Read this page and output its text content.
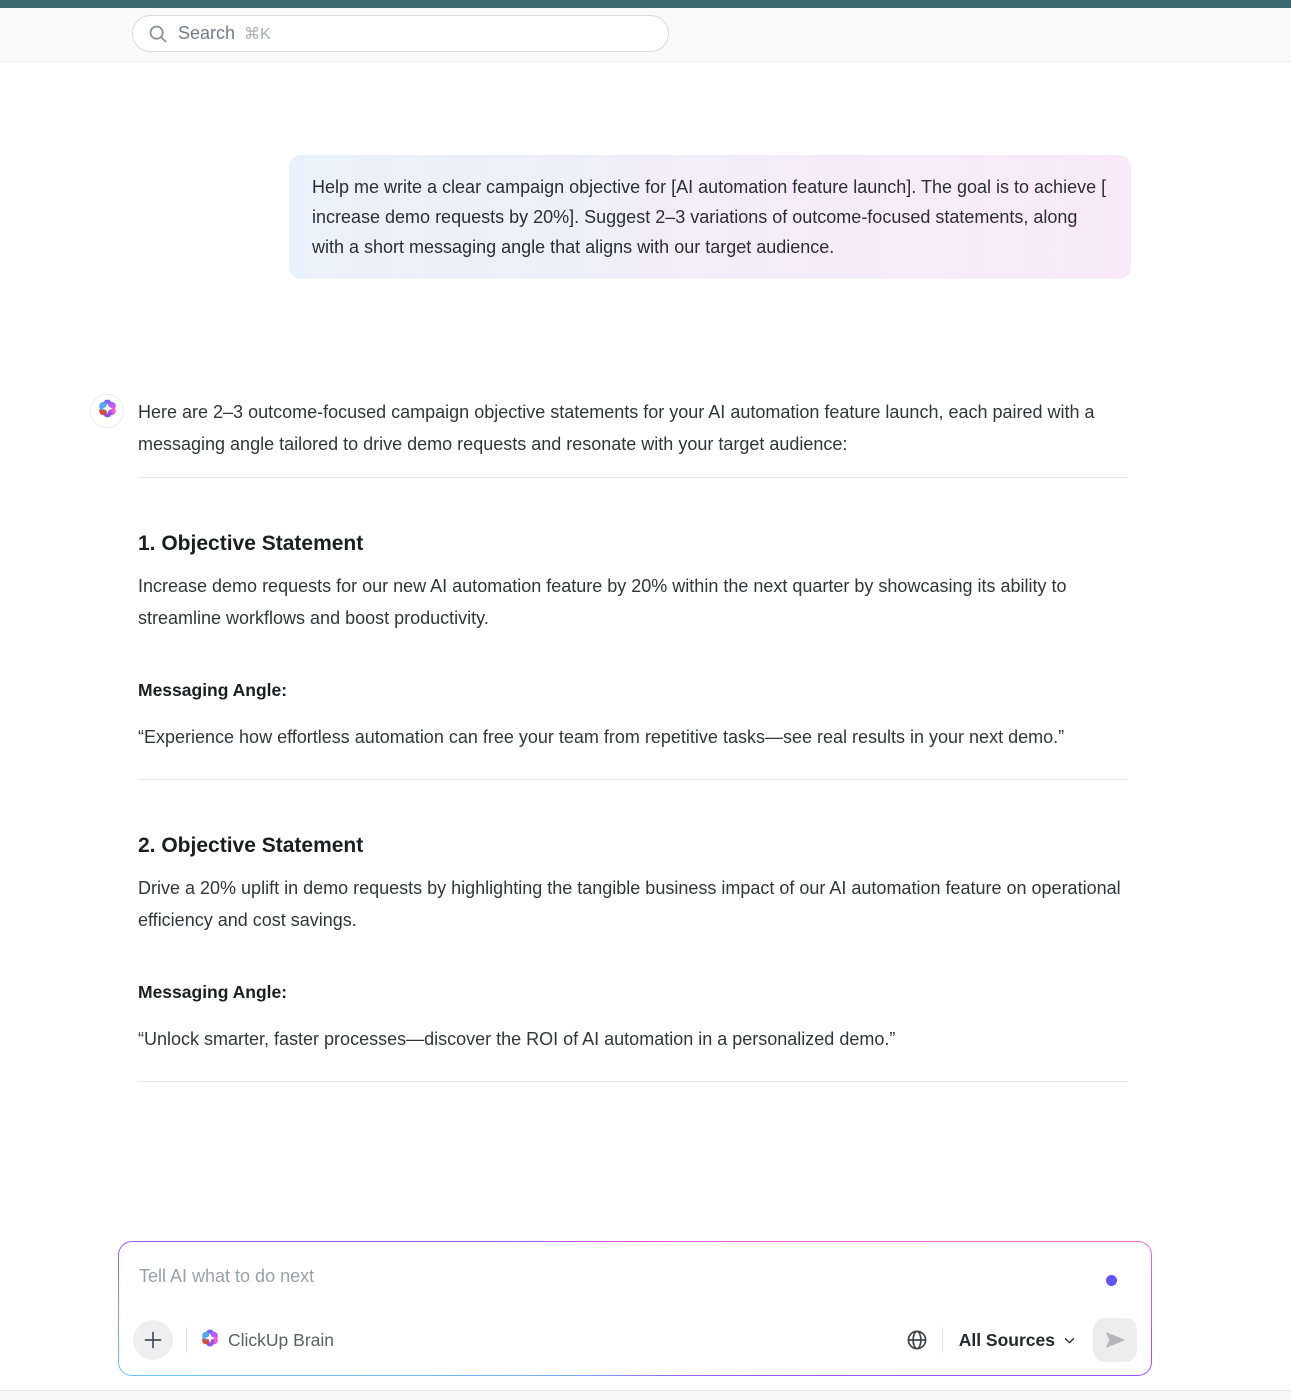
Search ⌘K
Help me write a clear campaign objective for [AI automation feature launch]. The goal is to achieve [ increase demo requests by 20%]. Suggest 2–3 variations of outcome-focused statements, along with a short messaging angle that aligns with our target audience.

Here are 2–3 outcome-focused campaign objective statements for your AI automation feature launch, each paired with a messaging angle tailored to drive demo requests and resonate with your target audience:

1. Objective Statement

Increase demo requests for our new AI automation feature by 20% within the next quarter by showcasing its ability to streamline workflows and boost productivity.

Messaging Angle:

“Experience how effortless automation can free your team from repetitive tasks—see real results in your next demo.”

2. Objective Statement

Drive a 20% uplift in demo requests by highlighting the tangible business impact of our AI automation feature on operational efficiency and cost savings.

Messaging Angle:

“Unlock smarter, faster processes—discover the ROI of AI automation in a personalized demo.”

Tell AI what to do next
ClickUp Brain	All Sources
